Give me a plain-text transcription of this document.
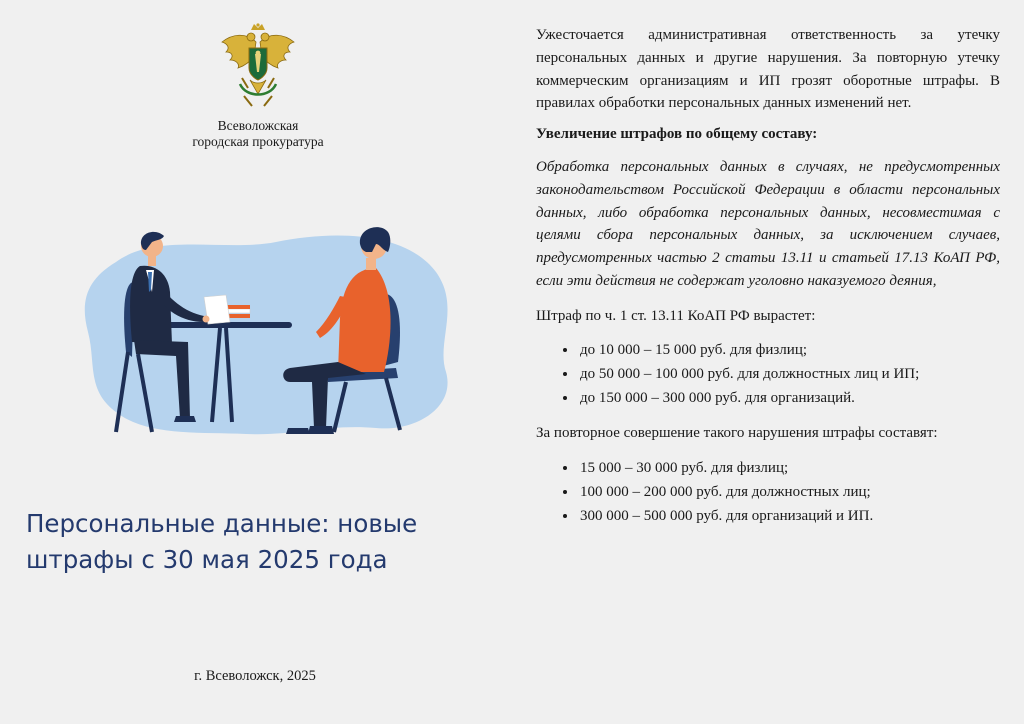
Всеволожская
городская прокуратура
Персональные данные: новые штрафы с 30 мая 2025 года
г. Всеволожск, 2025

Ужесточается административная ответственность за утечку персональных данных и другие нарушения. За повторную утечку коммерческим организациям и ИП грозят оборотные штрафы. В правилах обработки персональных данных изменений нет.

Увеличение штрафов по общему составу:

Обработка персональных данных в случаях, не предусмотренных законодательством Российской Федерации в области персональных данных, либо обработка персональных данных, несовместимая с целями сбора персональных данных, за исключением случаев, предусмотренных частью 2 статьи 13.11 и статьей 17.13 КоАП РФ, если эти действия не содержат уголовно наказуемого деяния,

Штраф по ч. 1 ст. 13.11 КоАП РФ вырастет:

• до 10 000 – 15 000 руб. для физлиц;
• до 50 000 – 100 000 руб. для должностных лиц и ИП;
• до 150 000 – 300 000 руб. для организаций.

За повторное совершение такого нарушения штрафы составят:

• 15 000 – 30 000 руб. для физлиц;
• 100 000 – 200 000 руб. для должностных лиц;
• 300 000 – 500 000 руб. для организаций и ИП.
